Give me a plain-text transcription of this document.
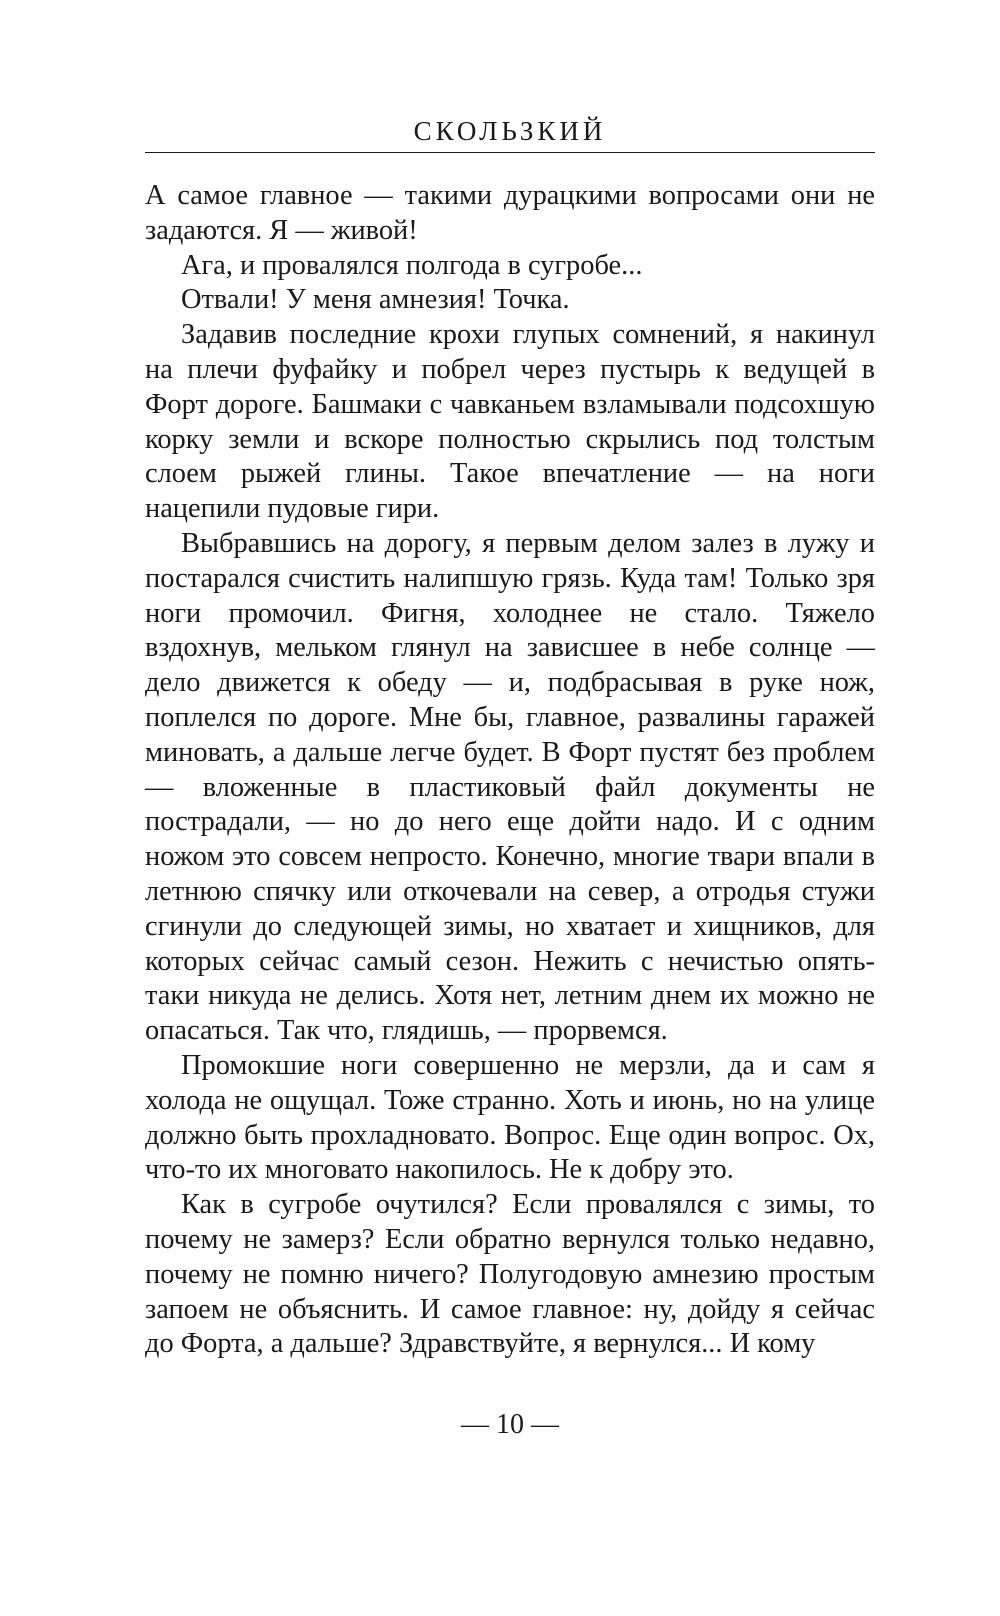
СКОЛЬЗКИЙ

А самое главное — такими дурацкими вопросами они не задаются. Я — живой!

Ага, и провалялся полгода в сугробе...

Отвали! У меня амнезия! Точка.

Задавив последние крохи глупых сомнений, я накинул на плечи фуфайку и побрел через пустырь к ведущей в Форт дороге. Башмаки с чавканьем взламывали подсохшую корку земли и вскоре полностью скрылись под толстым слоем рыжей глины. Такое впечатление — на ноги нацепили пудовые гири.

Выбравшись на дорогу, я первым делом залез в лужу и постарался счистить налипшую грязь. Куда там! Только зря ноги промочил. Фигня, холоднее не стало. Тяжело вздохнув, мельком глянул на зависшее в небе солнце — дело движется к обеду — и, подбрасывая в руке нож, поплелся по дороге. Мне бы, главное, развалины гаражей миновать, а дальше легче будет. В Форт пустят без проблем — вложенные в пластиковый файл документы не пострадали, — но до него еще дойти надо. И с одним ножом это совсем непросто. Конечно, многие твари впали в летнюю спячку или откочевали на север, а отродья стужи сгинули до следующей зимы, но хватает и хищников, для которых сейчас самый сезон. Нежить с нечистью опять-таки никуда не делись. Хотя нет, летним днем их можно не опасаться. Так что, глядишь, — прорвемся.

Промокшие ноги совершенно не мерзли, да и сам я холода не ощущал. Тоже странно. Хоть и июнь, но на улице должно быть прохладновато. Вопрос. Еще один вопрос. Ох, что-то их многовато накопилось. Не к добру это.

Как в сугробе очутился? Если провалялся с зимы, то почему не замерз? Если обратно вернулся только недавно, почему не помню ничего? Полугодовую амнезию простым запоем не объяснить. И самое главное: ну, дойду я сейчас до Форта, а дальше? Здравствуйте, я вернулся... И кому

— 10 —
